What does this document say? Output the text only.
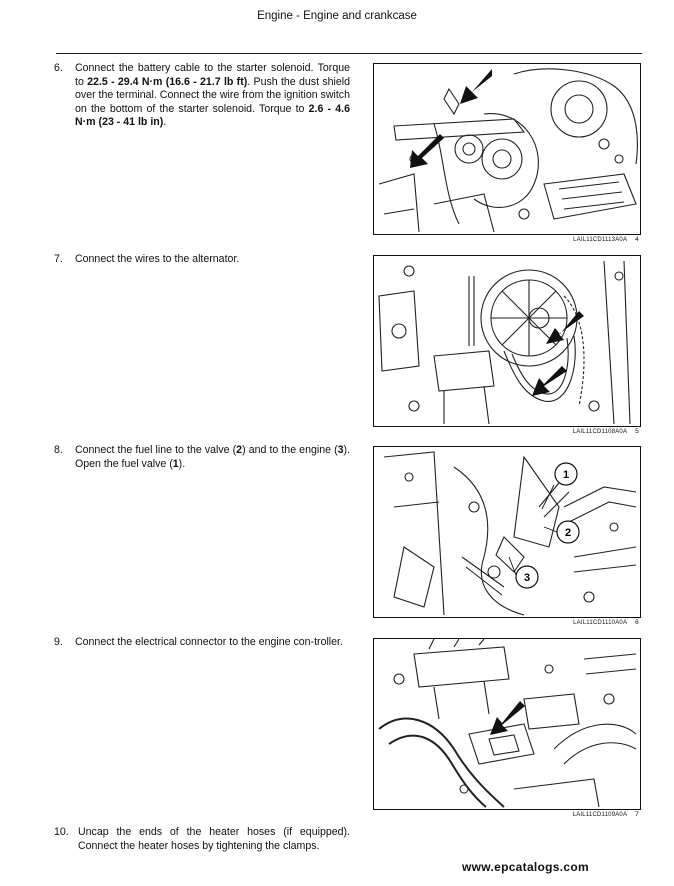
Engine - Engine and crankcase
6. Connect the battery cable to the starter solenoid. Torque to 22.5 - 29.4 N·m (16.6 - 21.7 lb ft). Push the dust shield over the terminal. Connect the wire from the ignition switch on the bottom of the starter solenoid. Torque to 2.6 - 4.6 N·m (23 - 41 lb in).
LAIL11CD1113A0A 4
7. Connect the wires to the alternator.
LAIL11CD1108A0A 5
8. Connect the fuel line to the valve (2) and to the engine (3). Open the fuel valve (1).
1
2
3
LAIL11CD1110A0A 6
9. Connect the electrical connector to the engine con-troller.
LAIL11CD1109A0A 7
10. Uncap the ends of the heater hoses (if equipped). Connect the heater hoses by tightening the clamps.
www.epcatalogs.com
